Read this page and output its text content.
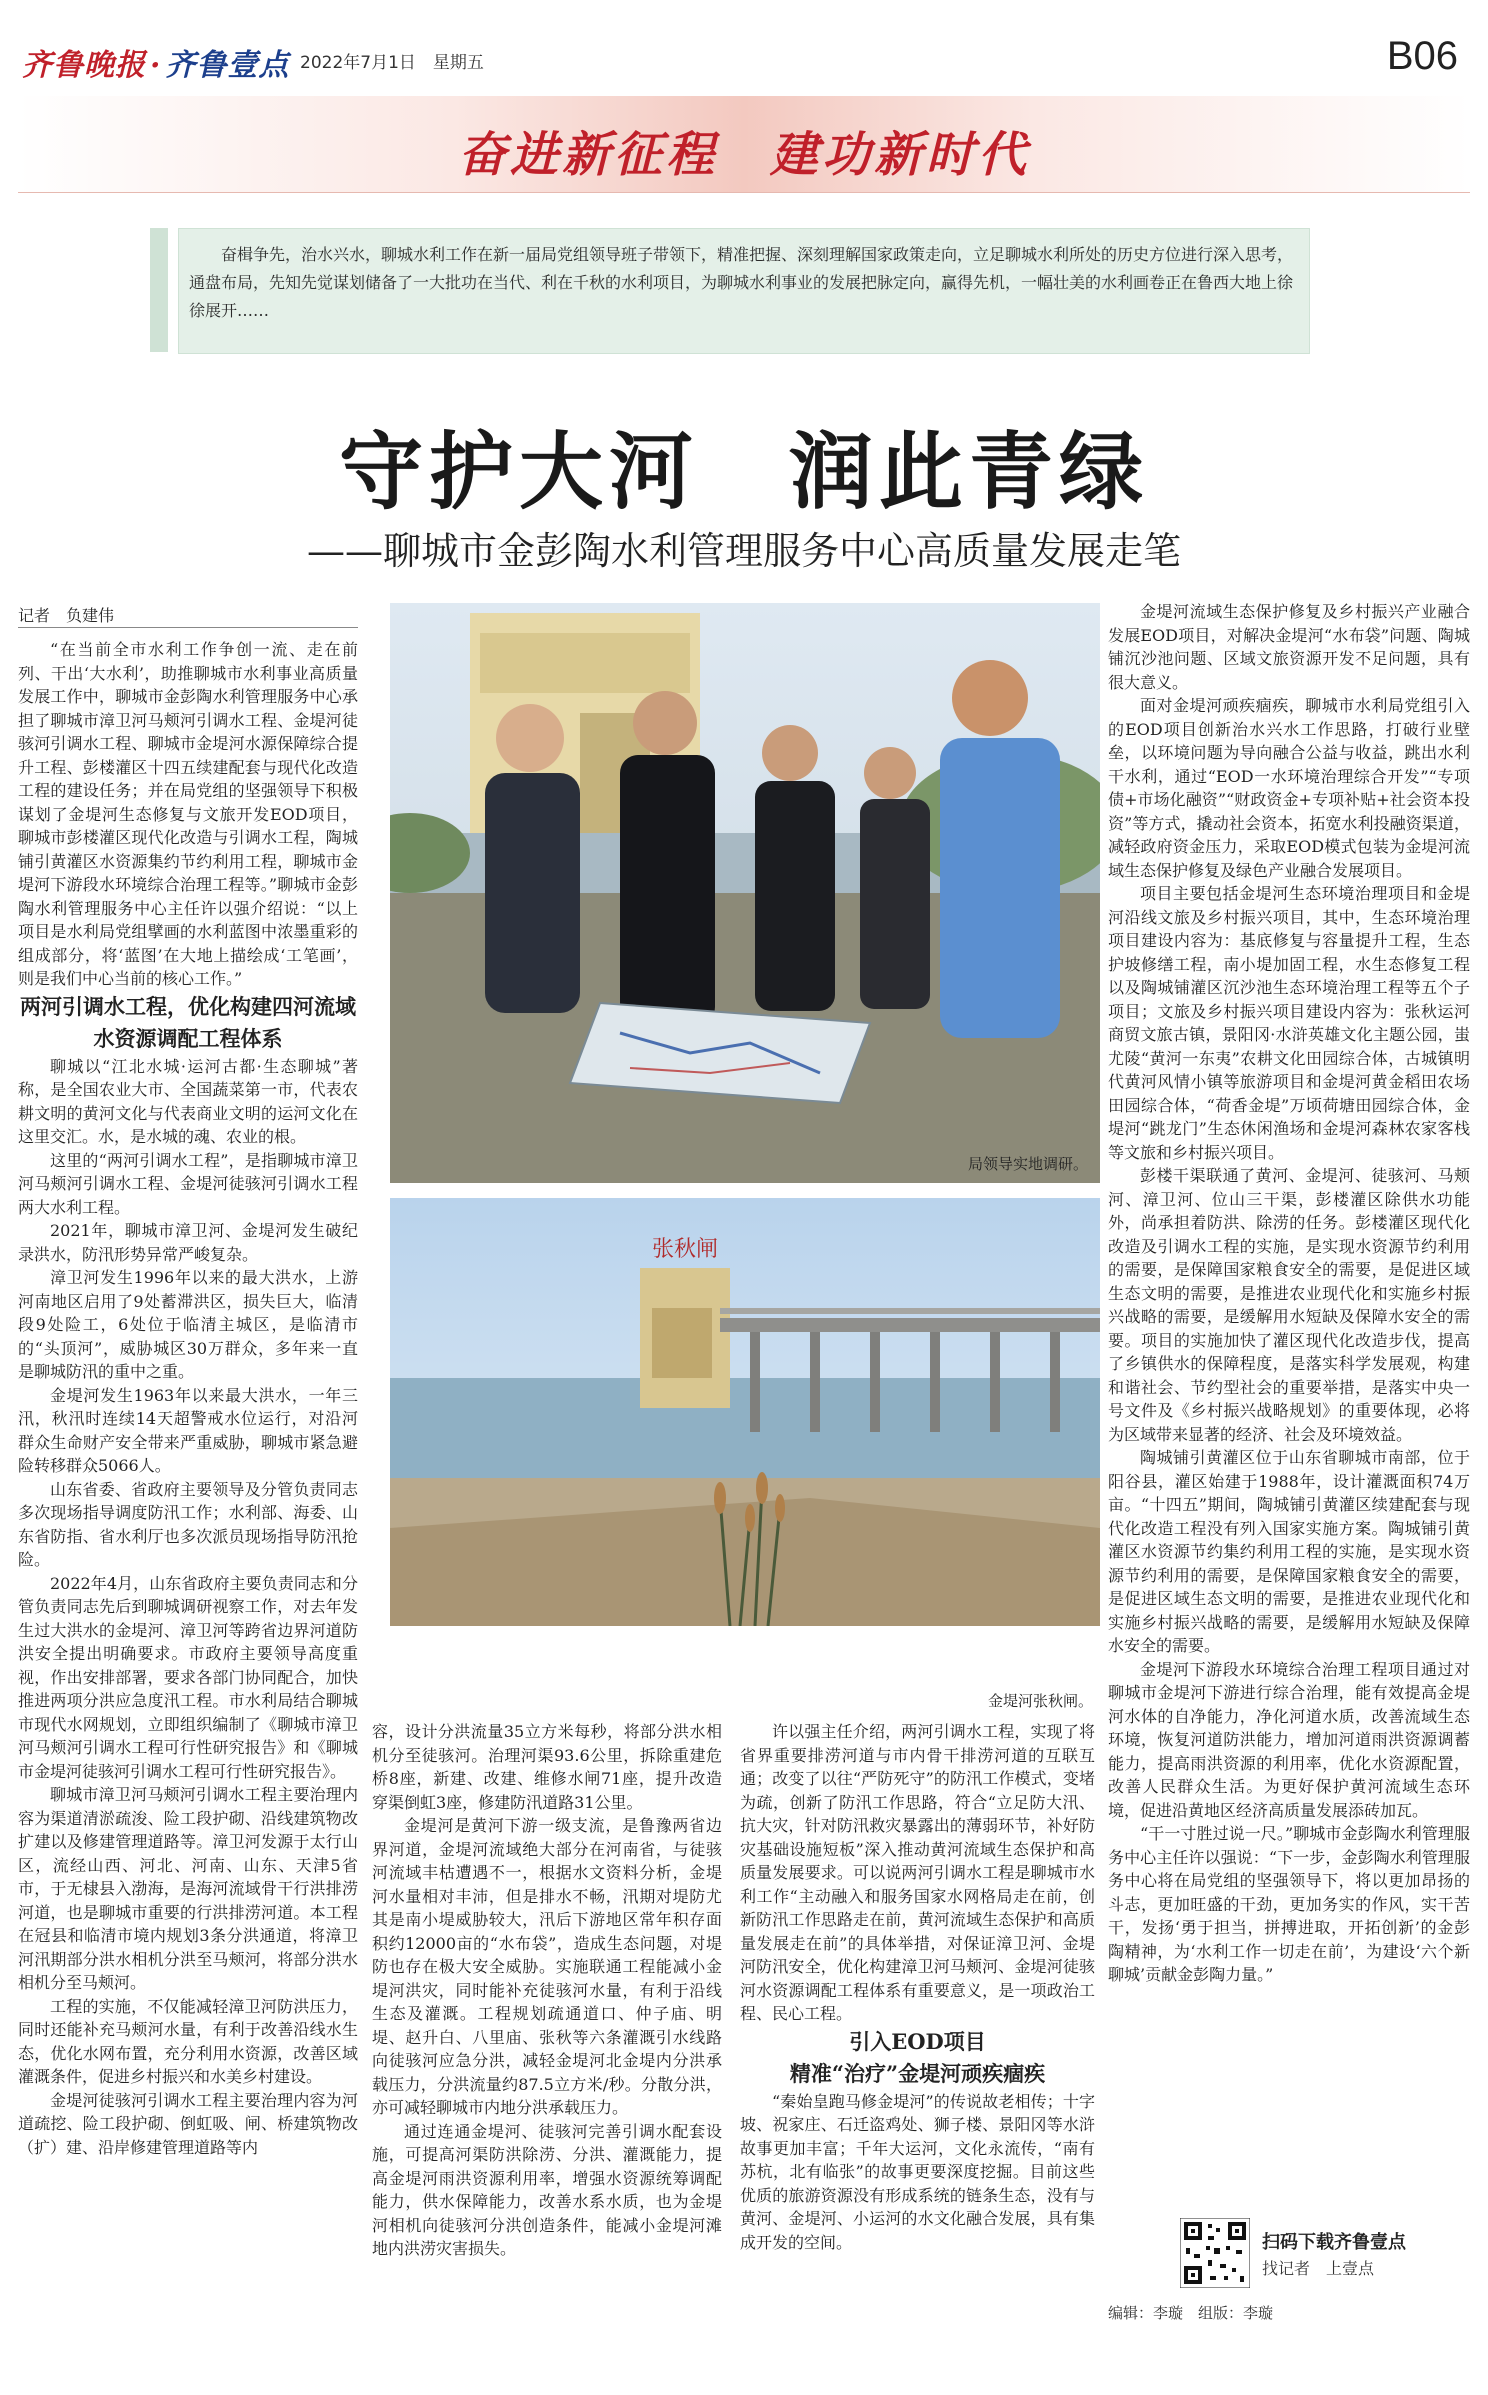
齐鲁晚报 · 齐鲁壹点 2022年7月1日　星期五	B06
奋进新征程　建功新时代
奋楫争先，治水兴水，聊城水利工作在新一届局党组领导班子带领下，精准把握、深刻理解国家政策走向，立足聊城水利所处的历史方位进行深入思考，通盘布局，先知先觉谋划储备了一大批功在当代、利在千秋的水利项目，为聊城水利事业的发展把脉定向，赢得先机，一幅壮美的水利画卷正在鲁西大地上徐徐展开……
守护大河　润此青绿
——聊城市金彭陶水利管理服务中心高质量发展走笔
记者　负建伟

“在当前全市水利工作争创一流、走在前列、干出‘大水利’，助推聊城市水利事业高质量发展工作中，聊城市金彭陶水利管理服务中心承担了聊城市漳卫河马颊河引调水工程、金堤河徒骇河引调水工程、聊城市金堤河水源保障综合提升工程、彭楼灌区十四五续建配套与现代化改造工程的建设任务；并在局党组的坚强领导下积极谋划了金堤河生态修复与文旅开发EOD项目，聊城市彭楼灌区现代化改造与引调水工程，陶城铺引黄灌区水资源集约节约利用工程，聊城市金堤河下游段水环境综合治理工程等。”聊城市金彭陶水利管理服务中心主任许以强介绍说：“以上项目是水利局党组擘画的水利蓝图中浓墨重彩的组成部分，将‘蓝图’在大地上描绘成‘工笔画’，则是我们中心当前的核心工作。”

两河引调水工程，优化构建四河流域水资源调配工程体系

聊城以“江北水城·运河古都·生态聊城”著称，是全国农业大市、全国蔬菜第一市，代表农耕文明的黄河文化与代表商业文明的运河文化在这里交汇。水，是水城的魂、农业的根。

这里的“两河引调水工程”，是指聊城市漳卫河马颊河引调水工程、金堤河徒骇河引调水工程两大水利工程。

2021年，聊城市漳卫河、金堤河发生破纪录洪水，防汛形势异常严峻复杂。

漳卫河发生1996年以来的最大洪水，上游河南地区启用了9处蓄滞洪区，损失巨大，临清段9处险工，6处位于临清主城区，是临清市的“头顶河”，威胁城区30万群众，多年来一直是聊城防汛的重中之重。

金堤河发生1963年以来最大洪水，一年三汛，秋汛时连续14天超警戒水位运行，对沿河群众生命财产安全带来严重威胁，聊城市紧急避险转移群众5066人。

山东省委、省政府主要领导及分管负责同志多次现场指导调度防汛工作；水利部、海委、山东省防指、省水利厅也多次派员现场指导防汛抢险。

2022年4月，山东省政府主要负责同志和分管负责同志先后到聊城调研视察工作，对去年发生过大洪水的金堤河、漳卫河等跨省边界河道防洪安全提出明确要求。市政府主要领导高度重视，作出安排部署，要求各部门协同配合，加快推进两项分洪应急度汛工程。市水利局结合聊城市现代水网规划，立即组织编制了《聊城市漳卫河马颊河引调水工程可行性研究报告》和《聊城市金堤河徒骇河引调水工程可行性研究报告》。

聊城市漳卫河马颊河引调水工程主要治理内容为渠道清淤疏浚、险工段护砌、沿线建筑物改扩建以及修建管理道路等。漳卫河发源于太行山区，流经山西、河北、河南、山东、天津5省市，于无棣县入渤海，是海河流域骨干行洪排涝河道，也是聊城市重要的行洪排涝河道。本工程在冠县和临清市境内规划3条分洪通道，将漳卫河汛期部分洪水相机分洪至马颊河，将部分洪水相机分至马颊河。

工程的实施，不仅能减轻漳卫河防洪压力，同时还能补充马颊河水量，有利于改善沿线水生态，优化水网布置，充分利用水资源，改善区域灌溉条件，促进乡村振兴和水美乡村建设。

金堤河徒骇河引调水工程主要治理内容为河道疏挖、险工段护砌、倒虹吸、闸、桥建筑物改（扩）建、沿岸修建管理道路等内

局领导实地调研。
张秋闸
金堤河张秋闸。

容，设计分洪流量35立方米每秒，将部分洪水相机分至徒骇河。治理河渠93.6公里，拆除重建危桥8座，新建、改建、维修水闸71座，提升改造穿渠倒虹3座，修建防汛道路31公里。

金堤河是黄河下游一级支流，是鲁豫两省边界河道，金堤河流域绝大部分在河南省，与徒骇河流域丰枯遭遇不一，根据水文资料分析，金堤河水量相对丰沛，但是排水不畅，汛期对堤防尤其是南小堤威胁较大，汛后下游地区常年积存面积约12000亩的“水布袋”，造成生态问题，对堤防也存在极大安全威胁。实施联通工程能减小金堤河洪灾，同时能补充徒骇河水量，有利于沿线生态及灌溉。工程规划疏通道口、仲子庙、明堤、赵升白、八里庙、张秋等六条灌溉引水线路向徒骇河应急分洪，减轻金堤河北金堤内分洪承载压力，分洪流量约87.5立方米/秒。分散分洪，亦可减轻聊城市内地分洪承载压力。

通过连通金堤河、徒骇河完善引调水配套设施，可提高河渠防洪除涝、分洪、灌溉能力，提高金堤河雨洪资源利用率，增强水资源统筹调配能力，供水保障能力，改善水系水质，也为金堤河相机向徒骇河分洪创造条件，能减小金堤河滩地内洪涝灾害损失。

许以强主任介绍，两河引调水工程，实现了将省界重要排涝河道与市内骨干排涝河道的互联互通；改变了以往“严防死守”的防汛工作模式，变堵为疏，创新了防汛工作思路，符合“立足防大汛、抗大灾，针对防汛救灾暴露出的薄弱环节，补好防灾基础设施短板”深入推动黄河流域生态保护和高质量发展要求。可以说两河引调水工程是聊城市水利工作“主动融入和服务国家水网格局走在前，创新防汛工作思路走在前，黄河流域生态保护和高质量发展走在前”的具体举措，对保证漳卫河、金堤河防汛安全，优化构建漳卫河马颊河、金堤河徒骇河水资源调配工程体系有重要意义，是一项政治工程、民心工程。

引入EOD项目

精准“治疗”金堤河顽疾痼疾

“秦始皇跑马修金堤河”的传说故老相传；十字坡、祝家庄、石迁盗鸡处、狮子楼、景阳冈等水浒故事更加丰富；千年大运河，文化永流传，“南有苏杭，北有临张”的故事更要深度挖掘。目前这些优质的旅游资源没有形成系统的链条生态，没有与黄河、金堤河、小运河的水文化融合发展，具有集成开发的空间。

金堤河流域生态保护修复及乡村振兴产业融合发展EOD项目，对解决金堤河“水布袋”问题、陶城铺沉沙池问题、区域文旅资源开发不足问题，具有很大意义。

面对金堤河顽疾痼疾，聊城市水利局党组引入的EOD项目创新治水兴水工作思路，打破行业壁垒，以环境问题为导向融合公益与收益，跳出水利干水利，通过“EOD一水环境治理综合开发”“专项债+市场化融资”“财政资金+专项补贴+社会资本投资”等方式，撬动社会资本，拓宽水利投融资渠道，减轻政府资金压力，采取EOD模式包装为金堤河流域生态保护修复及绿色产业融合发展项目。

项目主要包括金堤河生态环境治理项目和金堤河沿线文旅及乡村振兴项目，其中，生态环境治理项目建设内容为：基底修复与容量提升工程，生态护坡修缮工程，南小堤加固工程，水生态修复工程以及陶城铺灌区沉沙池生态环境治理工程等五个子项目；文旅及乡村振兴项目建设内容为：张秋运河商贸文旅古镇，景阳冈·水浒英雄文化主题公园，蚩尤陵“黄河一东夷”农耕文化田园综合体，古城镇明代黄河风情小镇等旅游项目和金堤河黄金稻田农场田园综合体，“荷香金堤”万顷荷塘田园综合体，金堤河“跳龙门”生态休闲渔场和金堤河森林农家客栈等文旅和乡村振兴项目。

彭楼干渠联通了黄河、金堤河、徒骇河、马颊河、漳卫河、位山三干渠，彭楼灌区除供水功能外，尚承担着防洪、除涝的任务。彭楼灌区现代化改造及引调水工程的实施，是实现水资源节约利用的需要，是保障国家粮食安全的需要，是促进区域生态文明的需要，是推进农业现代化和实施乡村振兴战略的需要，是缓解用水短缺及保障水安全的需要。项目的实施加快了灌区现代化改造步伐，提高了乡镇供水的保障程度，是落实科学发展观，构建和谐社会、节约型社会的重要举措，是落实中央一号文件及《乡村振兴战略规划》的重要体现，必将为区域带来显著的经济、社会及环境效益。

陶城铺引黄灌区位于山东省聊城市南部，位于阳谷县，灌区始建于1988年，设计灌溉面积74万亩。“十四五”期间，陶城铺引黄灌区续建配套与现代化改造工程没有列入国家实施方案。陶城铺引黄灌区水资源节约集约利用工程的实施，是实现水资源节约利用的需要，是保障国家粮食安全的需要，是促进区域生态文明的需要，是推进农业现代化和实施乡村振兴战略的需要，是缓解用水短缺及保障水安全的需要。

金堤河下游段水环境综合治理工程项目通过对聊城市金堤河下游进行综合治理，能有效提高金堤河水体的自净能力，净化河道水质，改善流域生态环境，恢复河道防洪能力，增加河道雨洪资源调蓄能力，提高雨洪资源的利用率，优化水资源配置，改善人民群众生活。为更好保护黄河流域生态环境，促进沿黄地区经济高质量发展添砖加瓦。

“干一寸胜过说一尺。”聊城市金彭陶水利管理服务中心主任许以强说：“下一步，金彭陶水利管理服务中心将在局党组的坚强领导下，将以更加昂扬的斗志，更加旺盛的干劲，更加务实的作风，实干苦干，发扬‘勇于担当，拼搏进取，开拓创新’的金彭陶精神，为‘水利工作一切走在前’，为建设‘六个新聊城’贡献金彭陶力量。”

扫码下载齐鲁壹点
找记者　上壹点
编辑：李璇　组版：李璇
